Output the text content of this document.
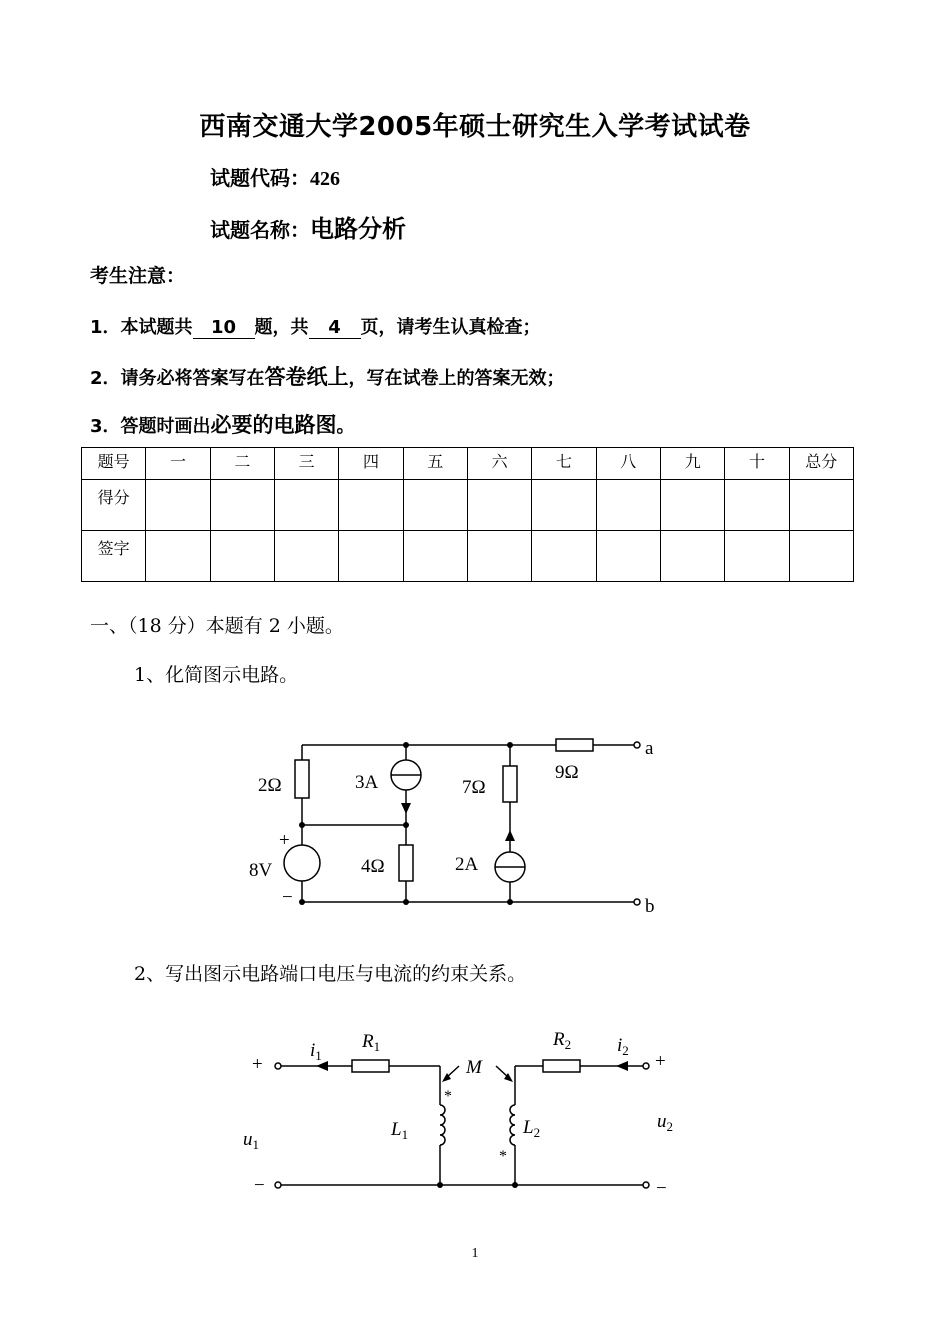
西南交通大学2005年硕士研究生入学考试试卷
试题代码：426
试题名称：电路分析
考生注意：
1．本试题共 10 题，共 4 页，请考生认真检查；
2．请务必将答案写在答卷纸上，写在试卷上的答案无效；
3．答题时画出必要的电路图。
题号	一	二	三	四	五	六	七	八	九	十	总分
得分											
签字											
一、（18 分）本题有 2 小题。
1、化简图示电路。
2、写出图示电路端口电压与电流的约束关系。
2Ω	3A	7Ω
9Ω
+
8V
−
4Ω	2A
a
b
+
$i_1$
$R_1$
M
$R_2$ $i_2$
+
*
$L_1$	$L_2$
*
$u_1$
$u_2$
−	−
1
